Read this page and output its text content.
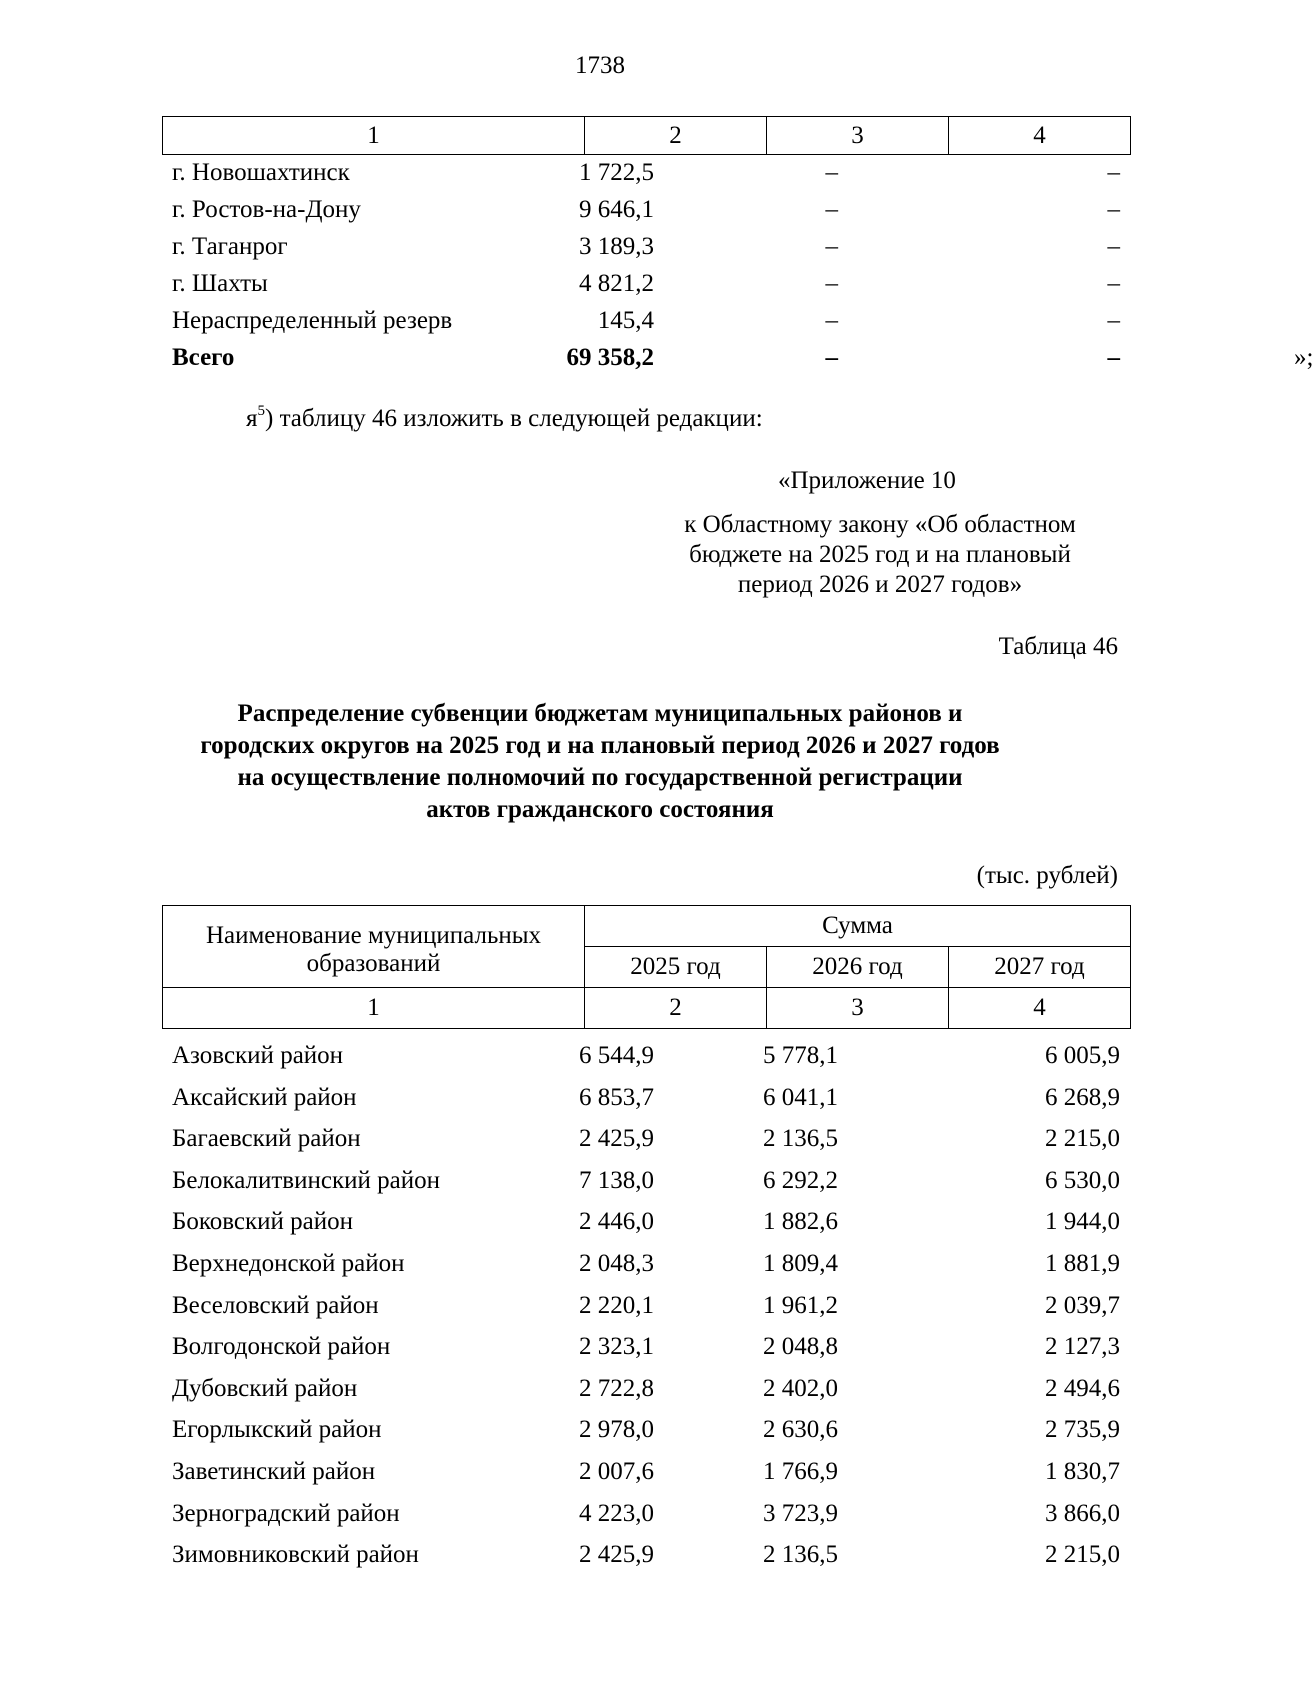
1738
1	2	3	4
г. Новошахтинск	1 722,5	–	–
г. Ростов-на-Дону	9 646,1	–	–
г. Таганрог	3 189,3	–	–
г. Шахты	4 821,2	–	–
Нераспределенный резерв	145,4	–	–
Всего	69 358,2	–	–	»;
$я^5$) таблицу 46 изложить в следующей редакции:
«Приложение 10
к Областному закону «Об областном
бюджете на 2025 год и на плановый
период 2026 и 2027 годов»
Таблица 46
Распределение субвенции бюджетам муниципальных районов и
городских округов на 2025 год и на плановый период 2026 и 2027 годов
на осуществление полномочий по государственной регистрации
актов гражданского состояния
(тыс. рублей)
Наименование муниципальных образований	Сумма		
	2025 год	2026 год	2027 год
1	2	3	4
Азовский район	6 544,9	5 778,1	6 005,9
Аксайский район	6 853,7	6 041,1	6 268,9
Багаевский район	2 425,9	2 136,5	2 215,0
Белокалитвинский район	7 138,0	6 292,2	6 530,0
Боковский район	2 446,0	1 882,6	1 944,0
Верхнедонской район	2 048,3	1 809,4	1 881,9
Веселовский район	2 220,1	1 961,2	2 039,7
Волгодонской район	2 323,1	2 048,8	2 127,3
Дубовский район	2 722,8	2 402,0	2 494,6
Егорлыкский район	2 978,0	2 630,6	2 735,9
Заветинский район	2 007,6	1 766,9	1 830,7
Зерноградский район	4 223,0	3 723,9	3 866,0
Зимовниковский район	2 425,9	2 136,5	2 215,0
